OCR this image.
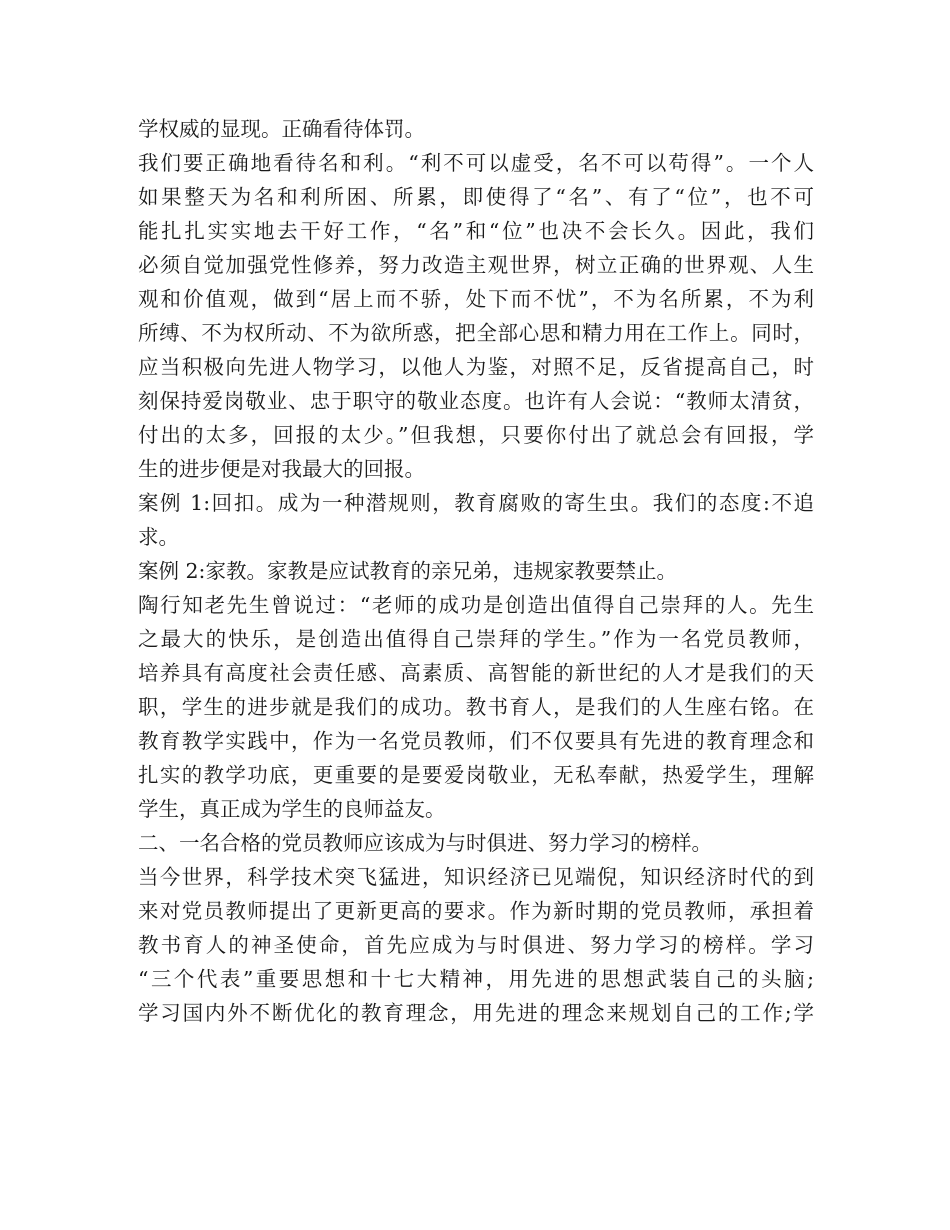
学权威的显现。正确看待体罚。
我们要正确地看待名和利。“利不可以虚受，名不可以苟得”。一个人
如果整天为名和利所困、所累，即使得了“名”、有了“位”，也不可
能扎扎实实地去干好工作，“名”和“位”也决不会长久。因此，我们
必须自觉加强党性修养，努力改造主观世界，树立正确的世界观、人生
观和价值观，做到“居上而不骄，处下而不忧”，不为名所累，不为利
所缚、不为权所动、不为欲所惑，把全部心思和精力用在工作上。同时，
应当积极向先进人物学习，以他人为鉴，对照不足，反省提高自己，时
刻保持爱岗敬业、忠于职守的敬业态度。也许有人会说：“教师太清贫，
付出的太多，回报的太少。”但我想，只要你付出了就总会有回报，学
生的进步便是对我最大的回报。
案例 1:回扣。成为一种潜规则，教育腐败的寄生虫。我们的态度:不追
求。
案例 2:家教。家教是应试教育的亲兄弟，违规家教要禁止。
陶行知老先生曾说过：“老师的成功是创造出值得自己崇拜的人。先生
之最大的快乐，是创造出值得自己崇拜的学生。”作为一名党员教师，
培养具有高度社会责任感、高素质、高智能的新世纪的人才是我们的天
职，学生的进步就是我们的成功。教书育人，是我们的人生座右铭。在
教育教学实践中，作为一名党员教师，们不仅要具有先进的教育理念和
扎实的教学功底，更重要的是要爱岗敬业，无私奉献，热爱学生，理解
学生，真正成为学生的良师益友。
二、一名合格的党员教师应该成为与时俱进、努力学习的榜样。
当今世界，科学技术突飞猛进，知识经济已见端倪，知识经济时代的到
来对党员教师提出了更新更高的要求。作为新时期的党员教师，承担着
教书育人的神圣使命，首先应成为与时俱进、努力学习的榜样。学习
“三个代表”重要思想和十七大精神，用先进的思想武装自己的头脑;
学习国内外不断优化的教育理念，用先进的理念来规划自己的工作;学
